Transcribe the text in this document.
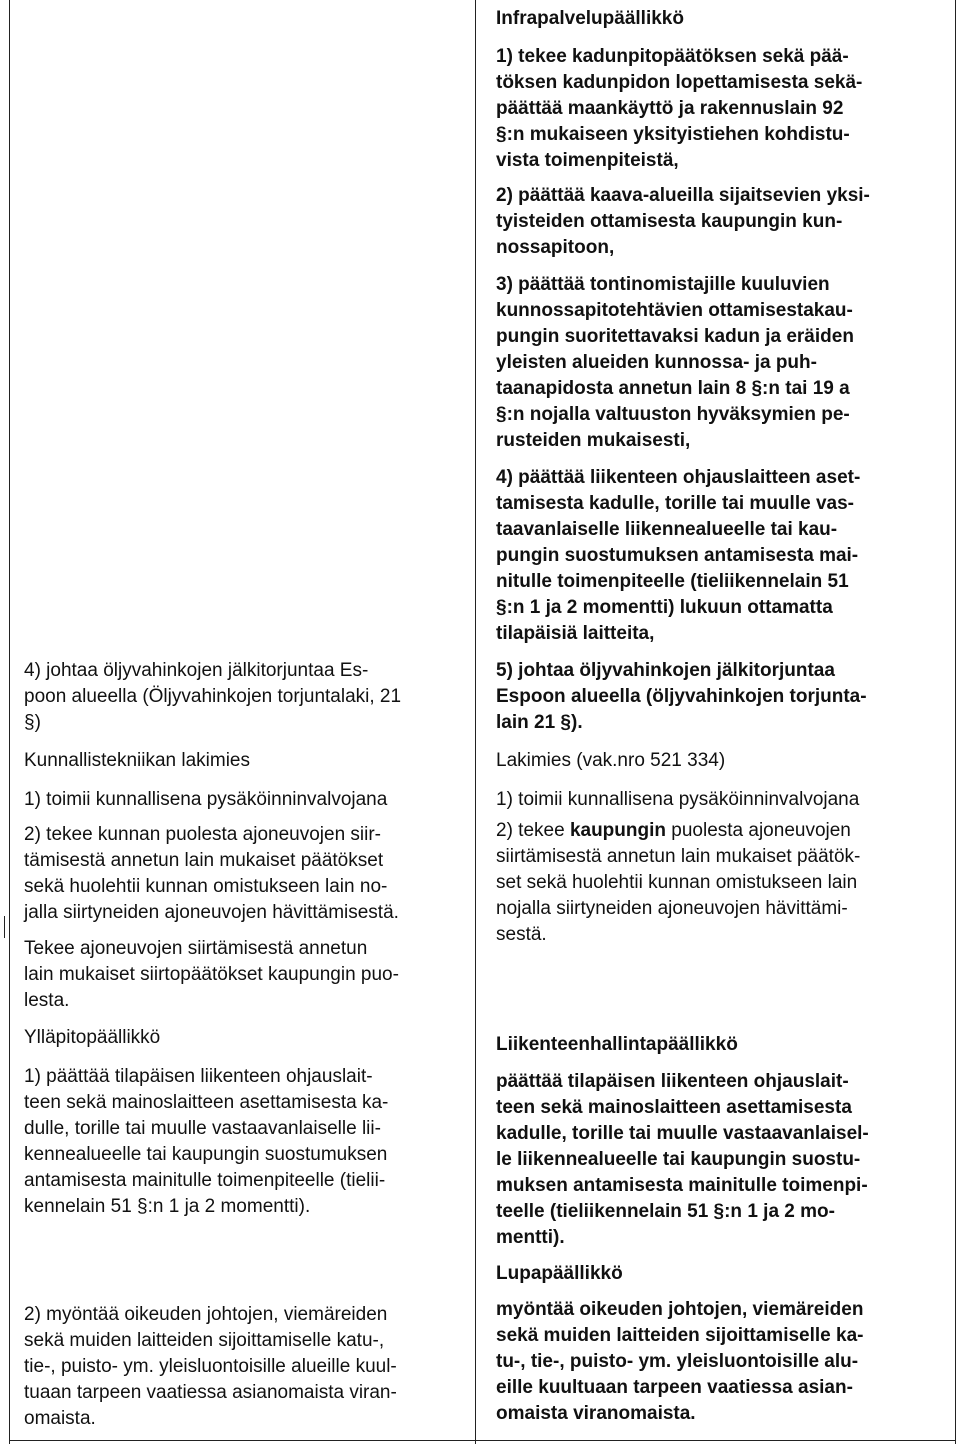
4) johtaa öljyvahinkojen jälkitorjuntaa Es-
poon alueella (Öljyvahinkojen torjuntalaki, 21
§)

Kunnallistekniikan lakimies

1) toimii kunnallisena pysäköinninvalvojana

2) tekee kunnan puolesta ajoneuvojen siir-
tämisestä annetun lain mukaiset päätökset
sekä huolehtii kunnan omistukseen lain no-
jalla siirtyneiden ajoneuvojen hävittämisestä.

Tekee ajoneuvojen siirtämisestä annetun
lain mukaiset siirtopäätökset kaupungin puo-
lesta.

Ylläpitopäällikkö

1) päättää tilapäisen liikenteen ohjauslait-
teen sekä mainoslaitteen asettamisesta ka-
dulle, torille tai muulle vastaavanlaiselle lii-
kennealueelle tai kaupungin suostumuksen
antamisesta mainitulle toimenpiteelle (tielii-
kennelain 51 §:n 1 ja 2 momentti).

2) myöntää oikeuden johtojen, viemäreiden
sekä muiden laitteiden sijoittamiselle katu-,
tie-, puisto- ym. yleisluontoisille alueille kuul-
tuaan tarpeen vaatiessa asianomaista viran-
omaista.

Infrapalvelupäällikkö

1) tekee kadunpitopäätöksen sekä pää-
töksen kadunpidon lopettamisesta sekä-
päättää maankäyttö ja rakennuslain 92
§:n mukaiseen yksityistiehen kohdistu-
vista toimenpiteistä,

2) päättää kaava-alueilla sijaitsevien yksi-
tyisteiden ottamisesta kaupungin kun-
nossapitoon,

3) päättää tontinomistajille kuuluvien
kunnossapitotehtävien ottamisestakau-
pungin suoritettavaksi kadun ja eräiden
yleisten alueiden kunnossa- ja puh-
taanapidosta annetun lain 8 §:n tai 19 a
§:n nojalla valtuuston hyväksymien pe-
rusteiden mukaisesti,

4) päättää liikenteen ohjauslaitteen aset-
tamisesta kadulle, torille tai muulle vas-
taavanlaiselle liikennealueelle tai kau-
pungin suostumuksen antamisesta mai-
nitulle toimenpiteelle (tieliikennelain 51
§:n 1 ja 2 momentti) lukuun ottamatta
tilapäisiä laitteita,

5) johtaa öljyvahinkojen jälkitorjuntaa
Espoon alueella (öljyvahinkojen torjunta-
lain 21 §).

Lakimies (vak.nro 521 334)

1) toimii kunnallisena pysäköinninvalvojana

2) tekee kaupungin puolesta ajoneuvojen
siirtämisestä annetun lain mukaiset päätök-
set sekä huolehtii kunnan omistukseen lain
nojalla siirtyneiden ajoneuvojen hävittämi-
sestä.

Liikenteenhallintapäällikkö

päättää tilapäisen liikenteen ohjauslait-
teen sekä mainoslaitteen asettamisesta
kadulle, torille tai muulle vastaavanlaisel-
le liikennealueelle tai kaupungin suostu-
muksen antamisesta mainitulle toimenpi-
teelle (tieliikennelain 51 §:n 1 ja 2 mo-
mentti).

Lupapäällikkö

myöntää oikeuden johtojen, viemäreiden
sekä muiden laitteiden sijoittamiselle ka-
tu-, tie-, puisto- ym. yleisluontoisille alu-
eille kuultuaan tarpeen vaatiessa asian-
omaista viranomaista.
